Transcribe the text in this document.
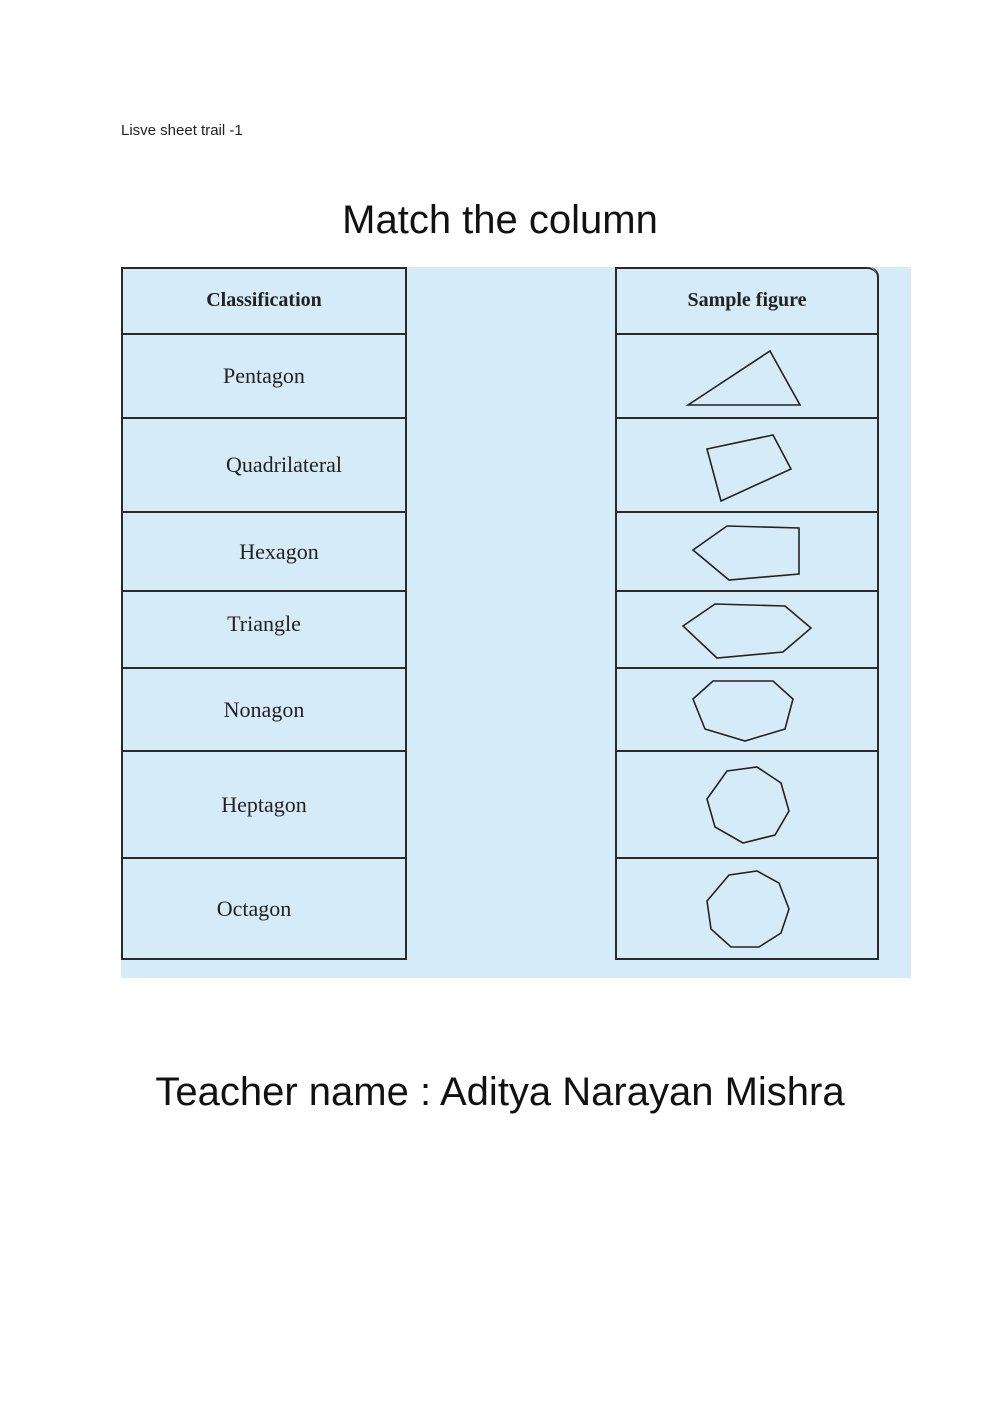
Lisve sheet trail -1
Match the column
Classification
Pentagon
Quadrilateral
Hexagon
Triangle
Nonagon
Heptagon
Octagon
Sample figure
Teacher name : Aditya Narayan Mishra
